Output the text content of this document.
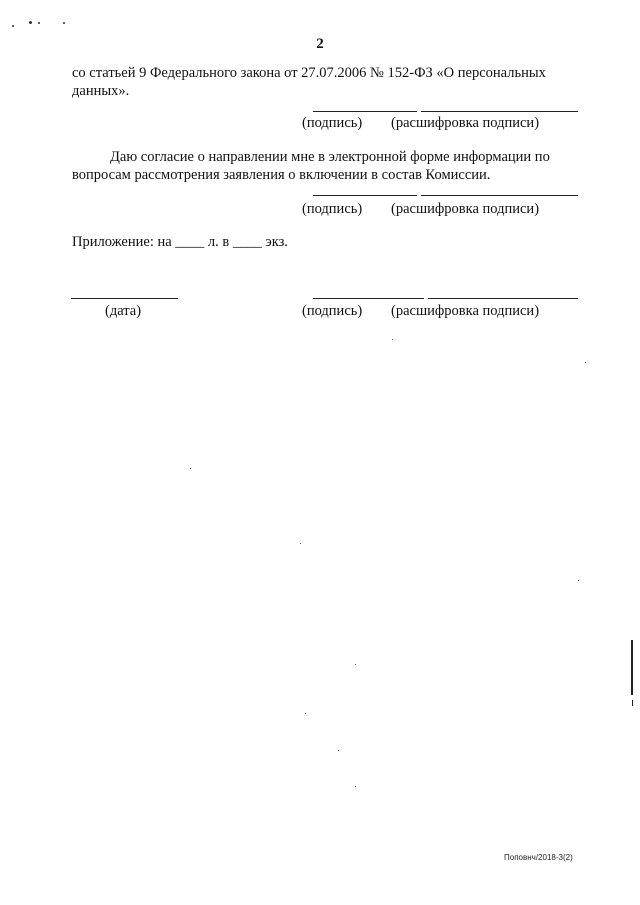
2
со статьей 9 Федерального закона от 27.07.2006 № 152-ФЗ «О персональных
данных».
(подпись) (расшифровка подписи)
Даю согласие о направлении мне в электронной форме информации по
вопросам рассмотрения заявления о включении в состав Комиссии.
(подпись) (расшифровка подписи)
Приложение: на ____ л. в ____ экз.
(дата)	(подпись) (расшифровка подписи)
Поповнч/2018-3(2)
